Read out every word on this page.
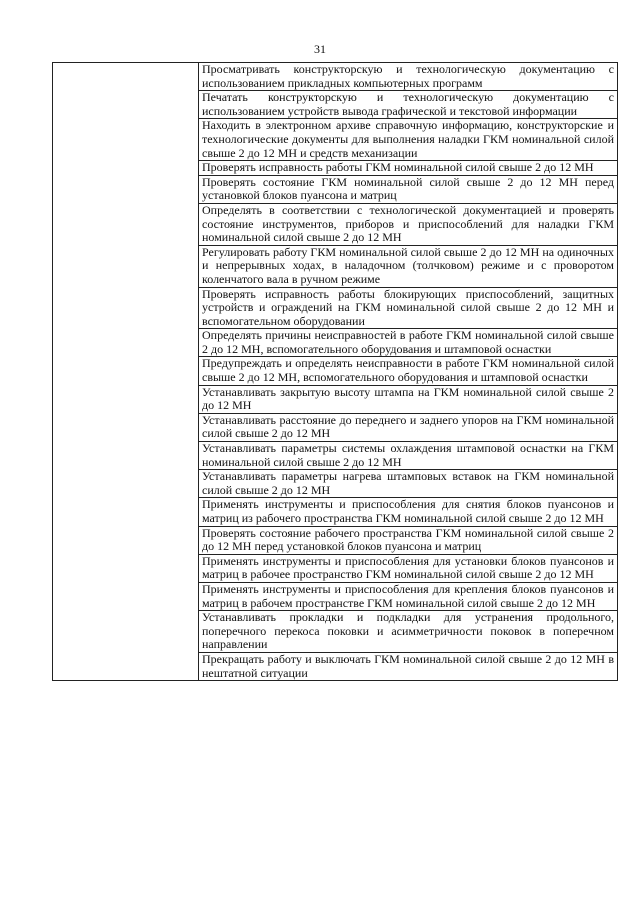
31
	Просматривать конструкторскую и технологическую документацию с использованием прикладных компьютерных программ
Печатать конструкторскую и технологическую документацию с использованием устройств вывода графической и текстовой информации
Находить в электронном архиве справочную информацию, конструкторские и технологические документы для выполнения наладки ГКМ номинальной силой свыше 2 до 12 МН и средств механизации
Проверять исправность работы ГКМ номинальной силой свыше 2 до 12 МН
Проверять состояние ГКМ номинальной силой свыше 2 до 12 МН перед установкой блоков пуансона и матриц
Определять в соответствии с технологической документацией и проверять состояние инструментов, приборов и приспособлений для наладки ГКМ номинальной силой свыше 2 до 12 МН
Регулировать работу ГКМ номинальной силой свыше 2 до 12 МН на одиночных и непрерывных ходах, в наладочном (толчковом) режиме и с проворотом коленчатого вала в ручном режиме
Проверять исправность работы блокирующих приспособлений, защитных устройств и ограждений на ГКМ номинальной силой свыше 2 до 12 МН и вспомогательном оборудовании
Определять причины неисправностей в работе ГКМ номинальной силой свыше 2 до 12 МН, вспомогательного оборудования и штамповой оснастки
Предупреждать и определять неисправности в работе ГКМ номинальной силой свыше 2 до 12 МН, вспомогательного оборудования и штамповой оснастки
Устанавливать закрытую высоту штампа на ГКМ номинальной силой свыше 2 до 12 МН
Устанавливать расстояние до переднего и заднего упоров на ГКМ номинальной силой свыше 2 до 12 МН
Устанавливать параметры системы охлаждения штамповой оснастки на ГКМ номинальной силой свыше 2 до 12 МН
Устанавливать параметры нагрева штамповых вставок на ГКМ номинальной силой свыше 2 до 12 МН
Применять инструменты и приспособления для снятия блоков пуансонов и матриц из рабочего пространства ГКМ номинальной силой свыше 2 до 12 МН
Проверять состояние рабочего пространства ГКМ номинальной силой свыше 2 до 12 МН перед установкой блоков пуансона и матриц
Применять инструменты и приспособления для установки блоков пуансонов и матриц в рабочее пространство ГКМ номинальной силой свыше 2 до 12 МН
Применять инструменты и приспособления для крепления блоков пуансонов и матриц в рабочем пространстве ГКМ номинальной силой свыше 2 до 12 МН
Устанавливать прокладки и подкладки для устранения продольного, поперечного перекоса поковки и асимметричности поковок в поперечном направлении
Прекращать работу и выключать ГКМ номинальной силой свыше 2 до 12 МН в нештатной ситуации
